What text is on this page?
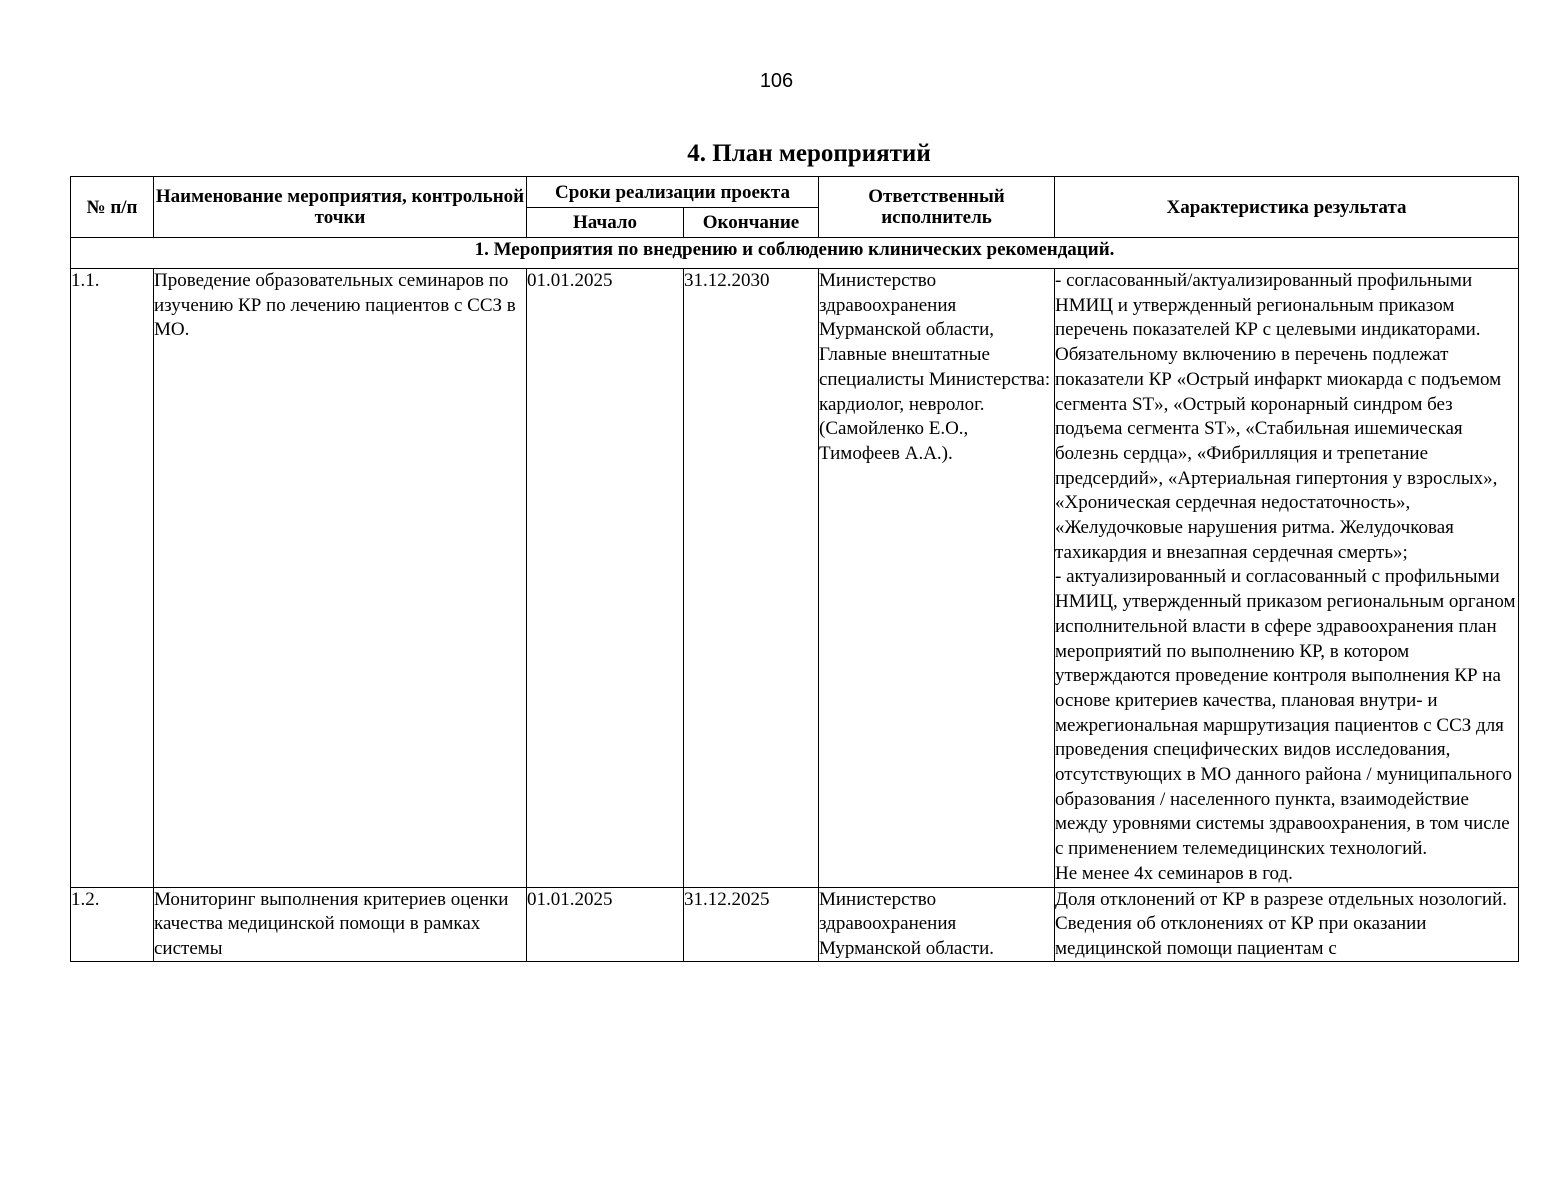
106
4. План мероприятий
№ п/п	Наименование мероприятия, контрольной точки	Сроки реализации проекта		Ответственный исполнитель	Характеристика результата
		Начало	Окончание		
1. Мероприятия по внедрению и соблюдению клинических рекомендаций.					
1.1.	Проведение образовательных семинаров по изучению КР по лечению пациентов с ССЗ в МО.	01.01.2025	31.12.2030	Министерство здравоохранения Мурманской области, Главные внештатные специалисты Министерства: кардиолог, невролог. (Самойленко Е.О., Тимофеев А.А.).	- согласованный/актуализированный профильными НМИЦ и утвержденный региональным приказом перечень показателей КР с целевыми индикаторами. Обязательному включению в перечень подлежат показатели КР «Острый инфаркт миокарда с подъемом сегмента ST», «Острый коронарный синдром без подъема сегмента ST», «Стабильная ишемическая болезнь сердца», «Фибрилляция и трепетание предсердий», «Артериальная гипертония у взрослых», «Хроническая сердечная недостаточность», «Желудочковые нарушения ритма. Желудочковая тахикардия и внезапная сердечная смерть»;

- актуализированный и согласованный с профильными НМИЦ, утвержденный приказом региональным органом исполнительной власти в сфере здравоохранения план мероприятий по выполнению КР, в котором утверждаются проведение контроля выполнения КР на основе критериев качества, плановая внутри- и межрегиональная маршрутизация пациентов с ССЗ для проведения специфических видов исследования, отсутствующих в МО данного района / муниципального образования / населенного пункта, взаимодействие между уровнями системы здравоохранения, в том числе с применением телемедицинских технологий.

Не менее 4х семинаров в год.

1.2.	Мониторинг выполнения критериев оценки качества медицинской помощи в рамках системы	01.01.2025	31.12.2025	Министерство здравоохранения Мурманской области.	Доля отклонений от КР в разрезе отдельных нозологий. Сведения об отклонениях от КР при оказании медицинской помощи пациентам с
